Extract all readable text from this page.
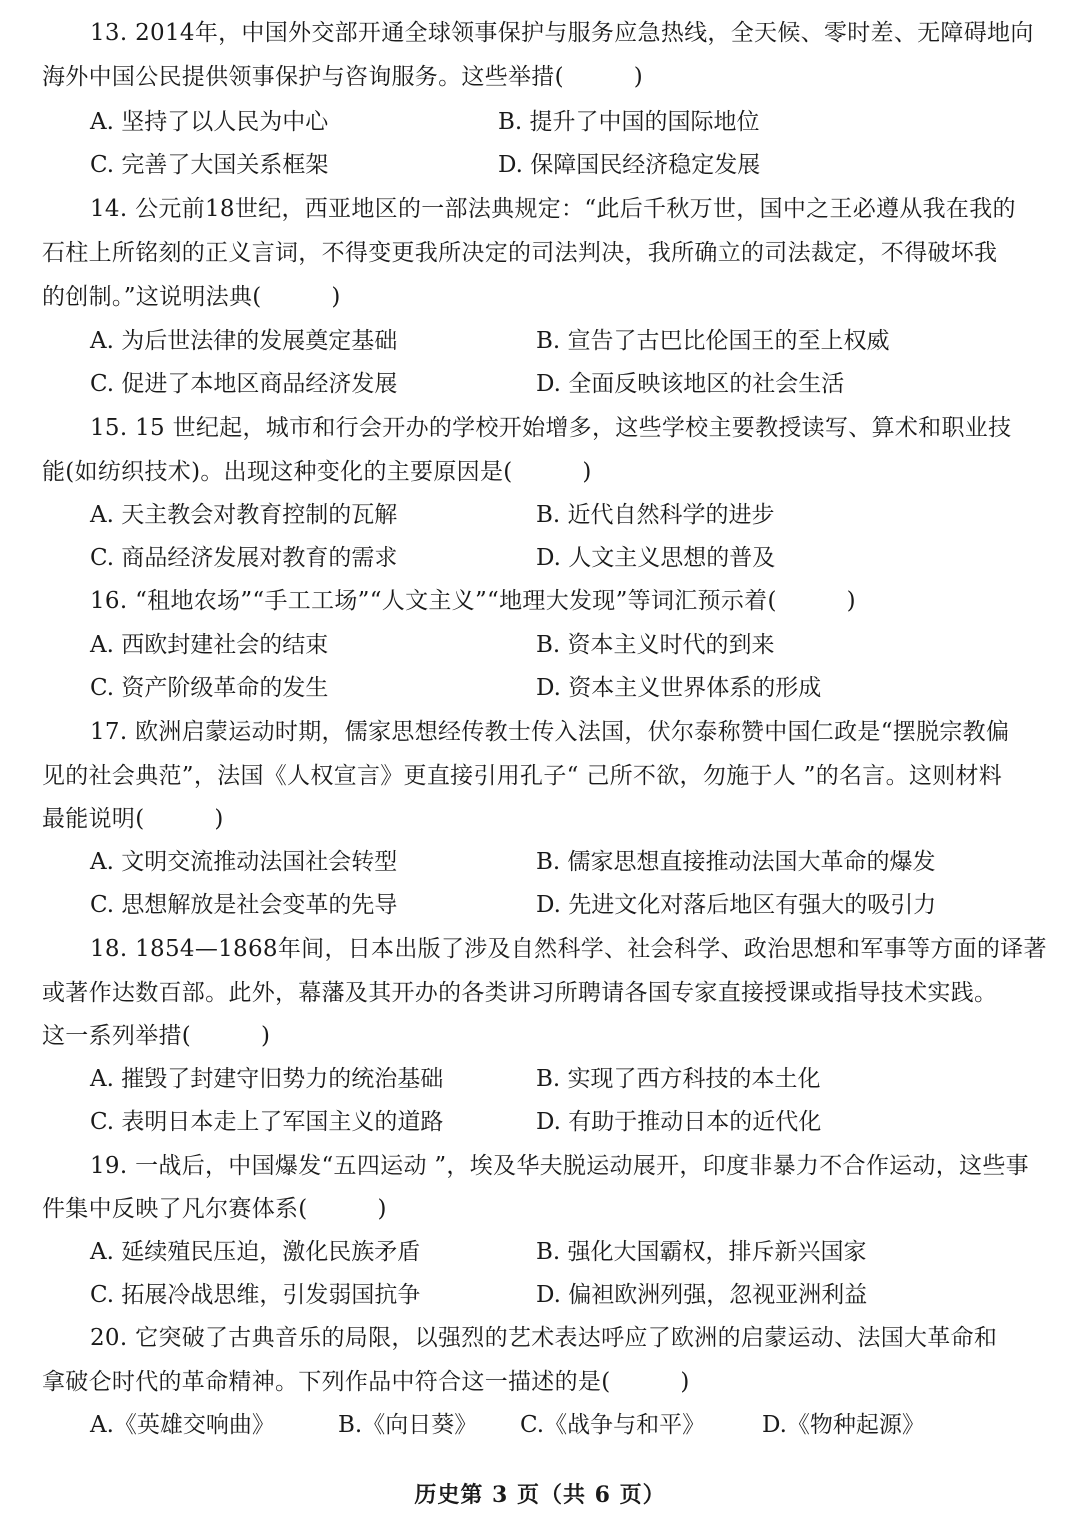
13. 2014年，中国外交部开通全球领事保护与服务应急热线，全天候、零时差、无障碍地向
海外中国公民提供领事保护与咨询服务。这些举措(　　　)
A. 坚持了以人民为中心	B. 提升了中国的国际地位
C. 完善了大国关系框架	D. 保障国民经济稳定发展
14. 公元前18世纪，西亚地区的一部法典规定：“此后千秋万世，国中之王必遵从我在我的
石柱上所铭刻的正义言词，不得变更我所决定的司法判决，我所确立的司法裁定，不得破坏我
的创制。”这说明法典(　　　)
A. 为后世法律的发展奠定基础	B. 宣告了古巴比伦国王的至上权威
C. 促进了本地区商品经济发展	D. 全面反映该地区的社会生活
15. 15 世纪起，城市和行会开办的学校开始增多，这些学校主要教授读写、算术和职业技
能(如纺织技术)。出现这种变化的主要原因是(　　　)
A. 天主教会对教育控制的瓦解	B. 近代自然科学的进步
C. 商品经济发展对教育的需求	D. 人文主义思想的普及
16. “租地农场”“手工工场”“人文主义”“地理大发现”等词汇预示着(　　　)
A. 西欧封建社会的结束	B. 资本主义时代的到来
C. 资产阶级革命的发生	D. 资本主义世界体系的形成
17. 欧洲启蒙运动时期，儒家思想经传教士传入法国，伏尔泰称赞中国仁政是“摆脱宗教偏
见的社会典范”，法国《人权宣言》更直接引用孔子“ 己所不欲，勿施于人 ”的名言。这则材料
最能说明(　　　)
A. 文明交流推动法国社会转型	B. 儒家思想直接推动法国大革命的爆发
C. 思想解放是社会变革的先导	D. 先进文化对落后地区有强大的吸引力
18. 1854—1868年间，日本出版了涉及自然科学、社会科学、政治思想和军事等方面的译著
或著作达数百部。此外，幕藩及其开办的各类讲习所聘请各国专家直接授课或指导技术实践。
这一系列举措(　　　)
A. 摧毁了封建守旧势力的统治基础	B. 实现了西方科技的本土化
C. 表明日本走上了军国主义的道路	D. 有助于推动日本的近代化
19. 一战后，中国爆发“五四运动 ”，埃及华夫脱运动展开，印度非暴力不合作运动，这些事
件集中反映了凡尔赛体系(　　　)
A. 延续殖民压迫，激化民族矛盾	B. 强化大国霸权，排斥新兴国家
C. 拓展冷战思维，引发弱国抗争	D. 偏袒欧洲列强，忽视亚洲利益
20. 它突破了古典音乐的局限，以强烈的艺术表达呼应了欧洲的启蒙运动、法国大革命和
拿破仑时代的革命精神。下列作品中符合这一描述的是(　　　)
A.《英雄交响曲》	B.《向日葵》 C.《战争与和平》 D.《物种起源》
历史第 3 页（共 6 页）
